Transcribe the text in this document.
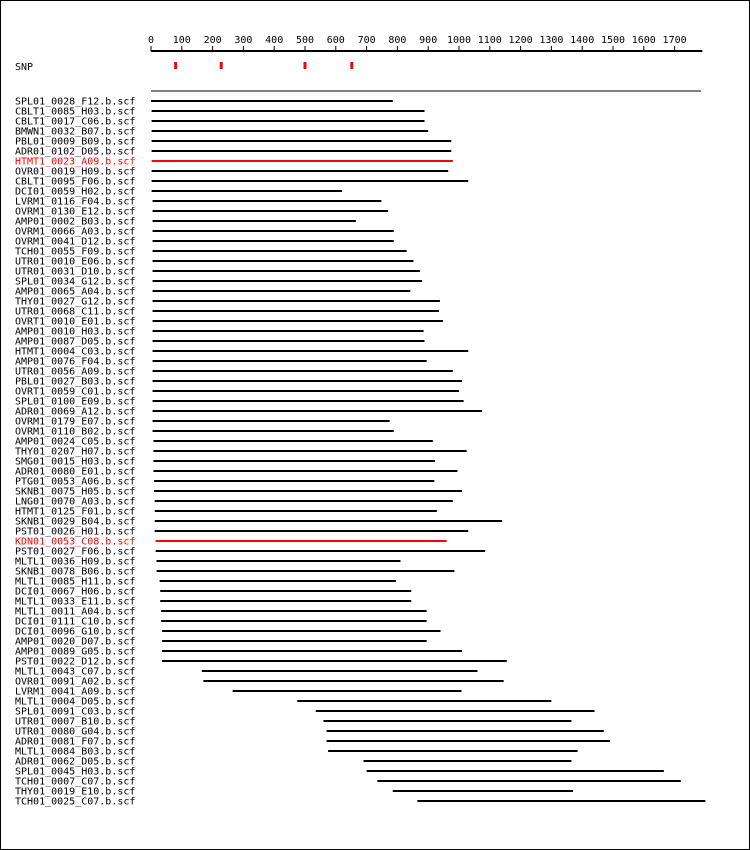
0 100 200 300 400 500 600 700 800 900 1000 1100 1200 1300 1400 1500 1600 1700
SNP
SPL01_0028_F12.b.scf
CBLT1_0085_H03.b.scf
CBLT1_0017_C06.b.scf
BMWN1_0032_B07.b.scf
PBL01_0009_B09.b.scf
ADR01_0102_D05.b.scf
HTMT1_0023_A09.b.scf
OVR01_0019_H09.b.scf
CBLT1_0095_F06.b.scf
DCI01_0059_H02.b.scf
LVRM1_0116_F04.b.scf
OVRM1_0130_E12.b.scf
AMP01_0002_B03.b.scf
OVRM1_0066_A03.b.scf
OVRM1_0041_D12.b.scf
TCH01_0055_F09.b.scf
UTR01_0010_E06.b.scf
UTR01_0031_D10.b.scf
SPL01_0034_G12.b.scf
AMP01_0065_A04.b.scf
THY01_0027_G12.b.scf
UTR01_0068_C11.b.scf
OVRT1_0010_E01.b.scf
AMP01_0010_H03.b.scf
AMP01_0087_D05.b.scf
HTMT1_0004_C03.b.scf
AMP01_0076_F04.b.scf
UTR01_0056_A09.b.scf
PBL01_0027_B03.b.scf
OVRT1_0059_C01.b.scf
SPL01_0100_E09.b.scf
ADR01_0069_A12.b.scf
OVRM1_0179_E07.b.scf
OVRM1_0110_B02.b.scf
AMP01_0024_C05.b.scf
THY01_0207_H07.b.scf
SMG01_0015_H03.b.scf
ADR01_0080_E01.b.scf
PTG01_0053_A06.b.scf
SKNB1_0075_H05.b.scf
LNG01_0070_A03.b.scf
HTMT1_0125_F01.b.scf
SKNB1_0029_B04.b.scf
PST01_0026_H01.b.scf
KDN01_0053_C08.b.scf
PST01_0027_F06.b.scf
MLTL1_0036_H09.b.scf
SKNB1_0078_B06.b.scf
MLTL1_0085_H11.b.scf
DCI01_0067_H06.b.scf
MLTL1_0033_E11.b.scf
MLTL1_0011_A04.b.scf
DCI01_0111_C10.b.scf
DCI01_0096_G10.b.scf
AMP01_0020_D07.b.scf
AMP01_0089_G05.b.scf
PST01_0022_D12.b.scf
MLTL1_0043_C07.b.scf
OVR01_0091_A02.b.scf
LVRM1_0041_A09.b.scf
MLTL1_0004_D05.b.scf
SPL01_0091_C03.b.scf
UTR01_0007_B10.b.scf
UTR01_0080_G04.b.scf
ADR01_0081_F07.b.scf
MLTL1_0084_B03.b.scf
ADR01_0062_D05.b.scf
SPL01_0045_H03.b.scf
TCH01_0007_C07.b.scf
THY01_0019_E10.b.scf
TCH01_0025_C07.b.scf
